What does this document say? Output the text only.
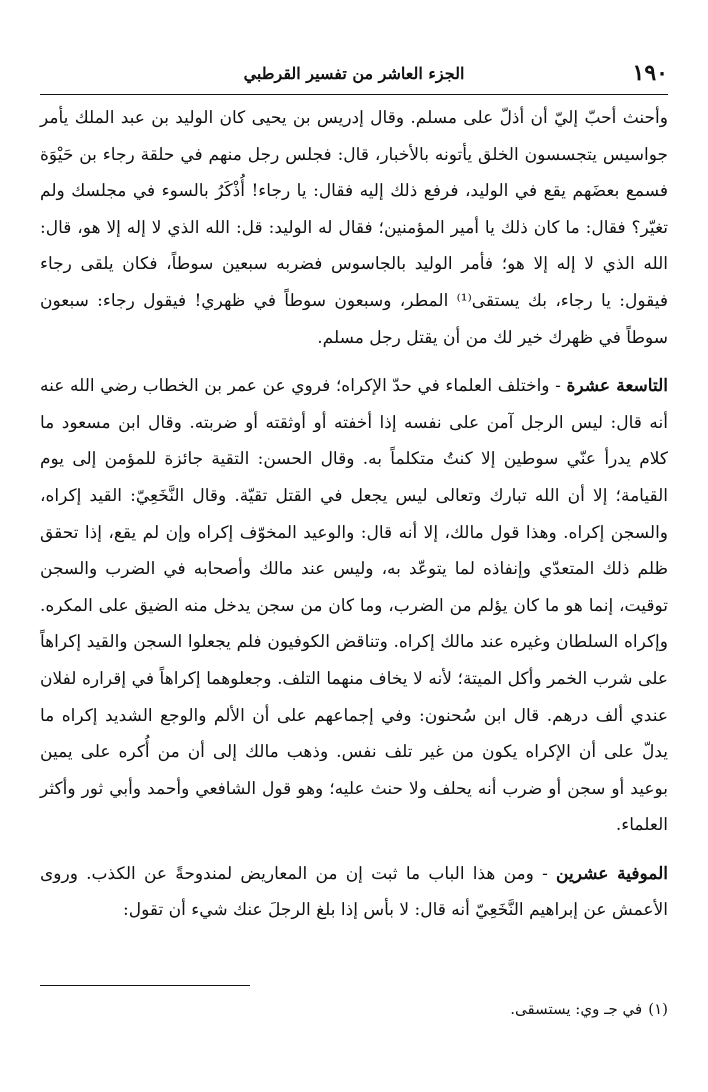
١٩٠
الجزء العاشر من تفسير القرطبي

وأحنث أحبّ إليّ أن أذلّ على مسلم. وقال إدريس بن يحيى كان الوليد بن عبد الملك يأمر جواسيس يتجسسون الخلق يأتونه بالأخبار، قال: فجلس رجل منهم في حلقة رجاء بن حَيْوَة فسمع بعضَهم يقع في الوليد، فرفع ذلك إليه فقال: يا رجاء! أُذْكَرُ بالسوء في مجلسك ولم تغيّر؟ فقال: ما كان ذلك يا أمير المؤمنين؛ فقال له الوليد: قل: الله الذي لا إله إلا هو، قال: الله الذي لا إله إلا هو؛ فأمر الوليد بالجاسوس فضربه سبعين سوطاً، فكان يلقى رجاء فيقول: يا رجاء، بك يستقى⁽¹⁾ المطر، وسبعون سوطاً في ظهري! فيقول رجاء: سبعون سوطاً في ظهرك خير لك من أن يقتل رجل مسلم.

التاسعة عشرة - واختلف العلماء في حدّ الإكراه؛ فروي عن عمر بن الخطاب رضي الله عنه أنه قال: ليس الرجل آمن على نفسه إذا أخفته أو أوثقته أو ضربته. وقال ابن مسعود ما كلام يدرأ عنّي سوطين إلا كنتُ متكلماً به. وقال الحسن: التقية جائزة للمؤمن إلى يوم القيامة؛ إلا أن الله تبارك وتعالى ليس يجعل في القتل تقيّة. وقال النَّخَعِيّ: القيد إكراه، والسجن إكراه. وهذا قول مالك، إلا أنه قال: والوعيد المخوّف إكراه وإن لم يقع، إذا تحقق ظلم ذلك المتعدّي وإنفاذه لما يتوعّد به، وليس عند مالك وأصحابه في الضرب والسجن توقيت، إنما هو ما كان يؤلم من الضرب، وما كان من سجن يدخل منه الضيق على المكره. وإكراه السلطان وغيره عند مالك إكراه. وتناقض الكوفيون فلم يجعلوا السجن والقيد إكراهاً على شرب الخمر وأكل الميتة؛ لأنه لا يخاف منهما التلف. وجعلوهما إكراهاً في إقراره لفلان عندي ألف درهم. قال ابن سُحنون: وفي إجماعهم على أن الألم والوجع الشديد إكراه ما يدلّ على أن الإكراه يكون من غير تلف نفس. وذهب مالك إلى أن من أُكره على يمين بوعيد أو سجن أو ضرب أنه يحلف ولا حنث عليه؛ وهو قول الشافعي وأحمد وأبي ثور وأكثر العلماء.

الموفية عشرين - ومن هذا الباب ما ثبت إن من المعاريض لمندوحةً عن الكذب. وروى الأعمش عن إبراهيم النَّخَعِيّ أنه قال: لا بأس إذا بلغ الرجلَ عنك شيء أن تقول:

(١)في جـ وي: يستسقى.
